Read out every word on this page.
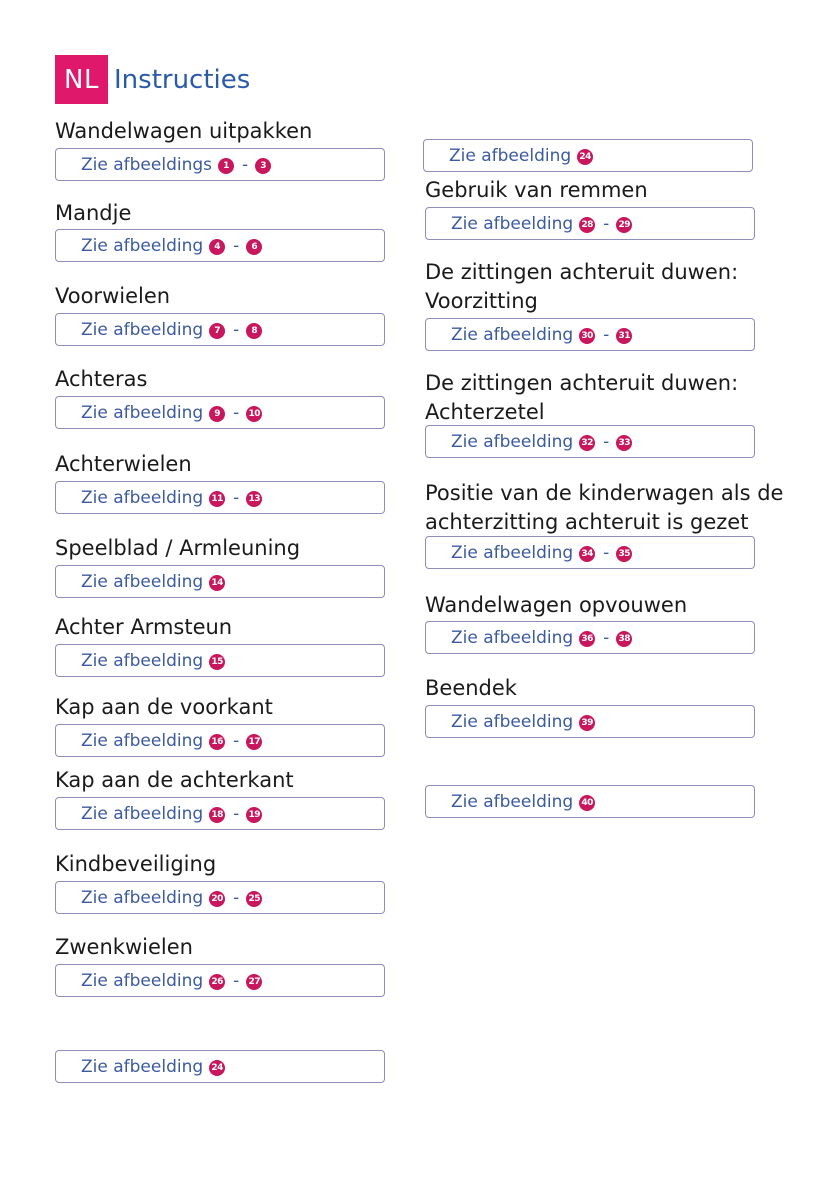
NL Instructies
Wandelwagen uitpakken
Zie afbeeldings	1 -	3
Mandje
Zie afbeelding	4 -	6
Voorwielen
Zie afbeelding	7 -	8
Achteras
Zie afbeelding	9 - 10
Achterwielen
Zie afbeelding 11 - 13
Speelblad / Armleuning
Zie afbeelding 14
Achter Armsteun
Zie afbeelding 15
Kap aan de voorkant
Zie afbeelding 16 - 17
Kap aan de achterkant
Zie afbeelding 18 - 19
Kindbeveiliging
Zie afbeelding 20 - 25
Zwenkwielen
Zie afbeelding 26 - 27
Zie afbeelding 24
Zie afbeelding 24
Gebruik van remmen
Zie afbeelding 28 - 29
De zittingen achteruit duwen:
Voorzitting
Zie afbeelding 30 - 31
De zittingen achteruit duwen:
Achterzetel
Zie afbeelding 32 - 33
Positie van de kinderwagen als de
achterzitting achteruit is gezet
Zie afbeelding 34 - 35
Wandelwagen opvouwen
Zie afbeelding 36 - 38
Beendek
Zie afbeelding 39
Zie afbeelding 40
